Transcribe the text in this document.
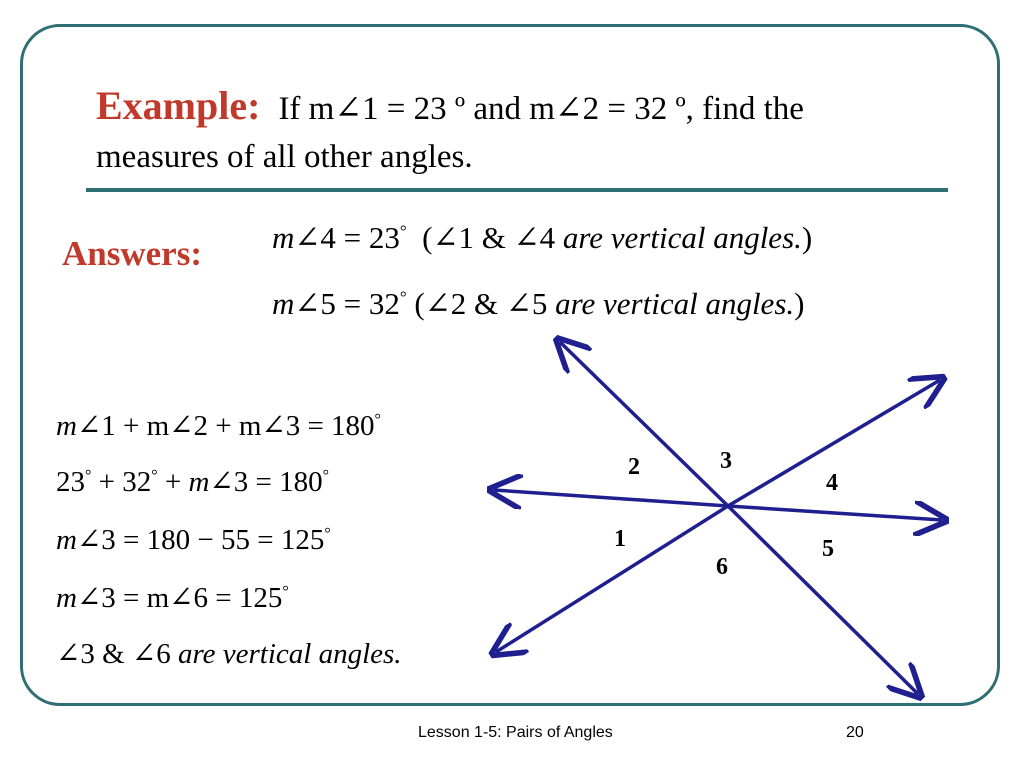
Example: If m∠1 = 23 º and m∠2 = 32 º, find the
measures of all other angles.
Answers: m∠4 = 23°  (∠1 & ∠4 are vertical angles.)
m∠5 = 32° (∠2 & ∠5 are vertical angles.)
m∠1 + m∠2 + m∠3 = 180°
23° + 32° + m∠3 = 180°
m∠3 = 180 − 55 = 125°
m∠3 = m∠6 = 125°
∠3 & ∠6 are vertical angles.
2	3
4
1	5
6
Lesson 1-5: Pairs of Angles	20
